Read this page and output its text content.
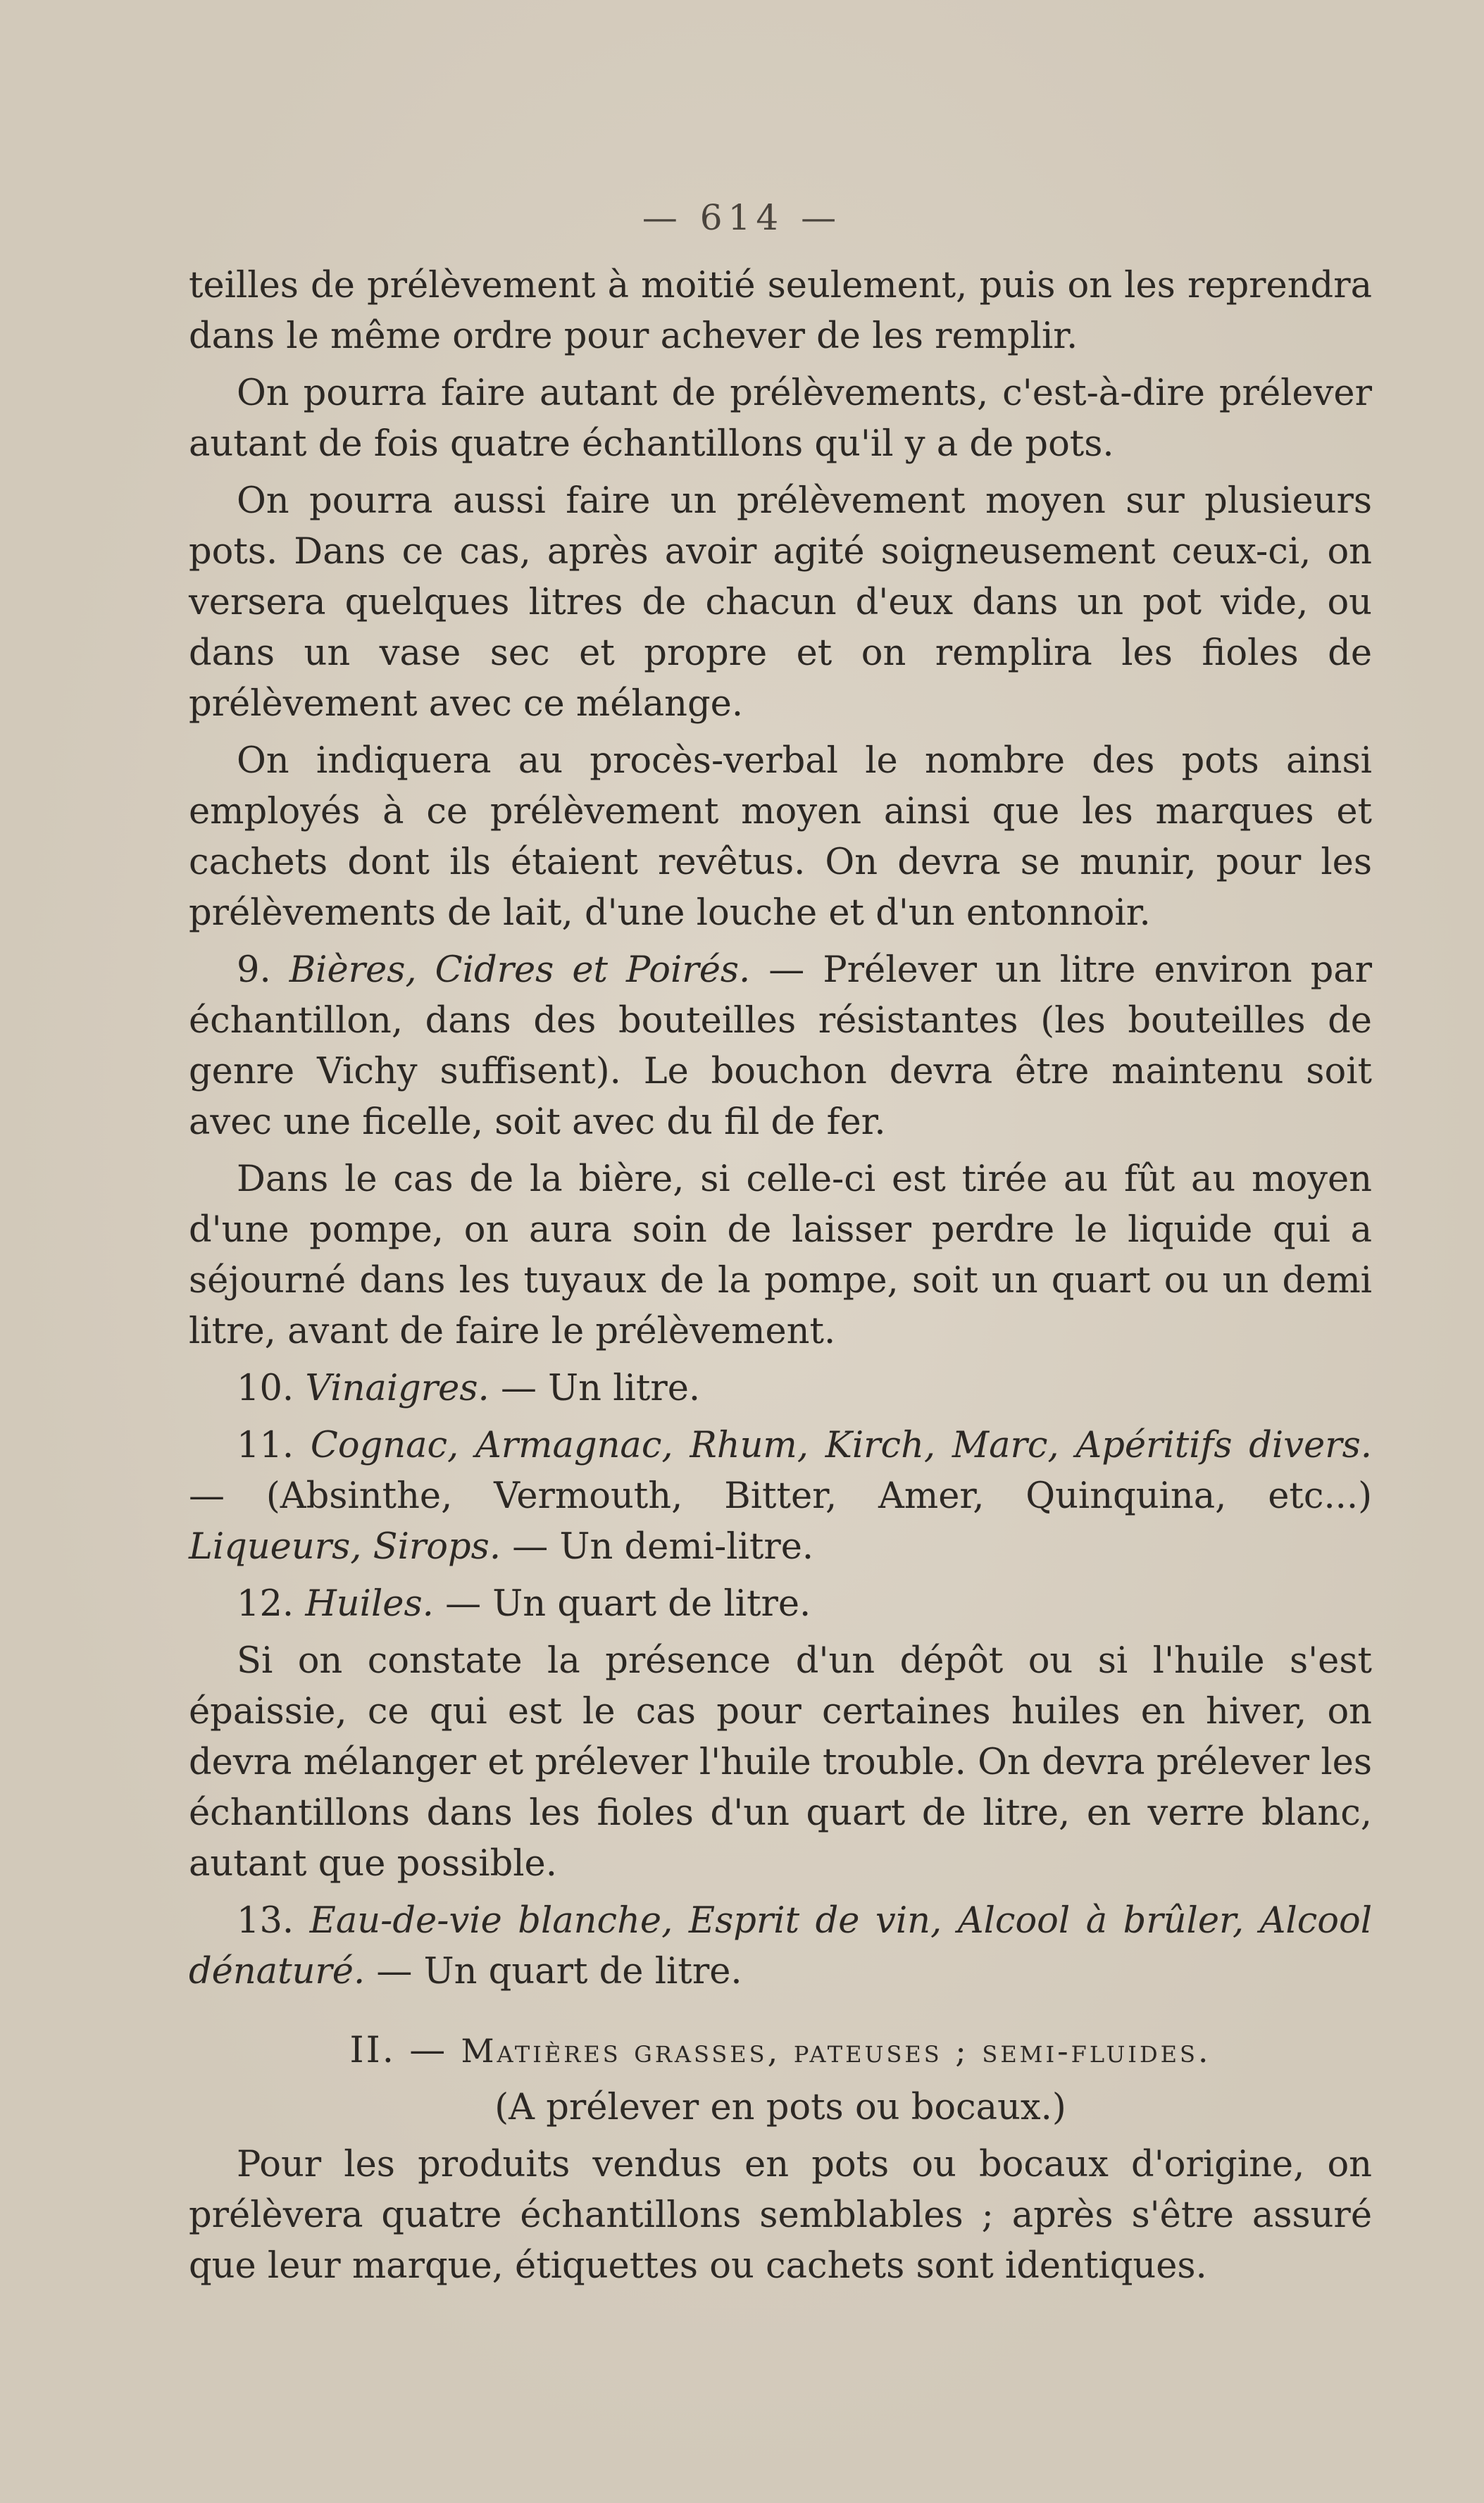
— 614 —

teilles de prélèvement à moitié seulement, puis on les reprendra dans le même ordre pour achever de les remplir.

On pourra faire autant de prélèvements, c'est-à-dire prélever autant de fois quatre échantillons qu'il y a de pots.

On pourra aussi faire un prélèvement moyen sur plusieurs pots. Dans ce cas, après avoir agité soigneusement ceux-ci, on versera quelques litres de chacun d'eux dans un pot vide, ou dans un vase sec et propre et on remplira les fioles de prélèvement avec ce mélange.

On indiquera au procès-verbal le nombre des pots ainsi employés à ce prélèvement moyen ainsi que les marques et cachets dont ils étaient revêtus. On devra se munir, pour les prélèvements de lait, d'une louche et d'un entonnoir.

9. Bières, Cidres et Poirés. — Prélever un litre environ par échantillon, dans des bouteilles résistantes (les bouteilles de genre Vichy suffisent). Le bouchon devra être maintenu soit avec une ficelle, soit avec du fil de fer.

Dans le cas de la bière, si celle-ci est tirée au fût au moyen d'une pompe, on aura soin de laisser perdre le liquide qui a séjourné dans les tuyaux de la pompe, soit un quart ou un demi litre, avant de faire le prélèvement.

10. Vinaigres. — Un litre.

11. Cognac, Armagnac, Rhum, Kirch, Marc, Apéritifs divers. — (Absinthe, Vermouth, Bitter, Amer, Quinquina, etc...) Liqueurs, Sirops. — Un demi-litre.

12. Huiles. — Un quart de litre.

Si on constate la présence d'un dépôt ou si l'huile s'est épaissie, ce qui est le cas pour certaines huiles en hiver, on devra mélanger et prélever l'huile trouble. On devra prélever les échantillons dans les fioles d'un quart de litre, en verre blanc, autant que possible.

13. Eau-de-vie blanche, Esprit de vin, Alcool à brûler, Alcool dénaturé. — Un quart de litre.

II. — Matières grasses, pateuses ; semi-fluides.

(A prélever en pots ou bocaux.)

Pour les produits vendus en pots ou bocaux d'origine, on prélèvera quatre échantillons semblables ; après s'être assuré que leur marque, étiquettes ou cachets sont identiques.
